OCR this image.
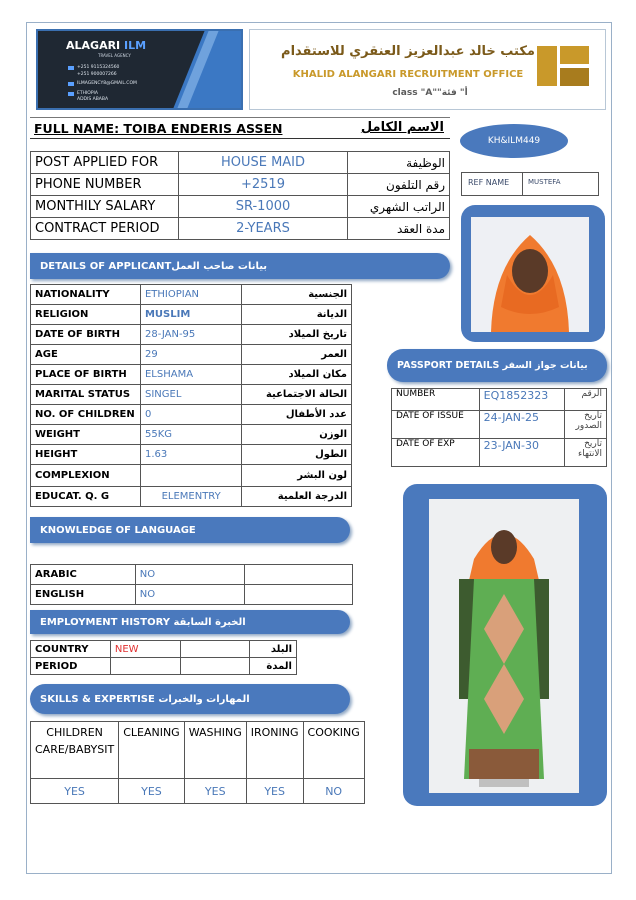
ALAGARI ILM
TRAVEL AGENCY
+251 9115324560
+251 900007266
ILMAGENCY8@GMAIL.COM
ETHIOPIA
ADDIS ABABA
مكتب خالد عبدالعزيز العنقري للاستقدام
KHALID ALANGARI RECRUITMENT OFFICE
class "A""أ" فئة
FULL NAME: TOIBA ENDERIS ASSEN	الاسم الكامل
POST APPLIED FOR	HOUSE MAID	الوظيفة
PHONE NUMBER	+2519	رقم التلفون
MONTHILY SALARY	SR-1000	الراتب الشهري
CONTRACT PERIOD	2-YEARS	مدة العقد
KH&ILM449
REF NAME	MUSTEFA
DETAILS OF APPLICANTبيانات صاحب العمل
NATIONALITY	ETHIOPIAN	الجنسية
RELIGION	MUSLIM	الديانة
DATE OF BIRTH	28-JAN-95	تاريخ الميلاد
AGE	29	العمر
PLACE OF BIRTH	ELSHAMA	مكان الميلاد
MARITAL STATUS	SINGEL	الحالة الاجتماعية
NO. OF CHILDREN	0	عدد الأطفال
WEIGHT	55KG	الوزن
HEIGHT	1.63	الطول
COMPLEXION		لون البشر
EDUCAT. Q. G	ELEMENTRY	الدرجة العلمية
PASSPORT DETAILS بيانات جواز السفر
NUMBER	EQ1852323	الرقم
DATE OF ISSUE	24-JAN-25	تاريخ الصدور
DATE OF EXP	23-JAN-30	تاريخ الانتهاء
KNOWLEDGE OF LANGUAGE
ARABIC	NO	
ENGLISH	NO	
EMPLOYMENT HISTORY الخبرة السابقة
COUNTRY	NEW		البلد
PERIOD			المدة
SKILLS & EXPERTISE المهارات والخبرات
CHILDREN CARE/BABYSIT	CLEANING	WASHING	IRONING	COOKING
YES	YES	YES	YES	NO
